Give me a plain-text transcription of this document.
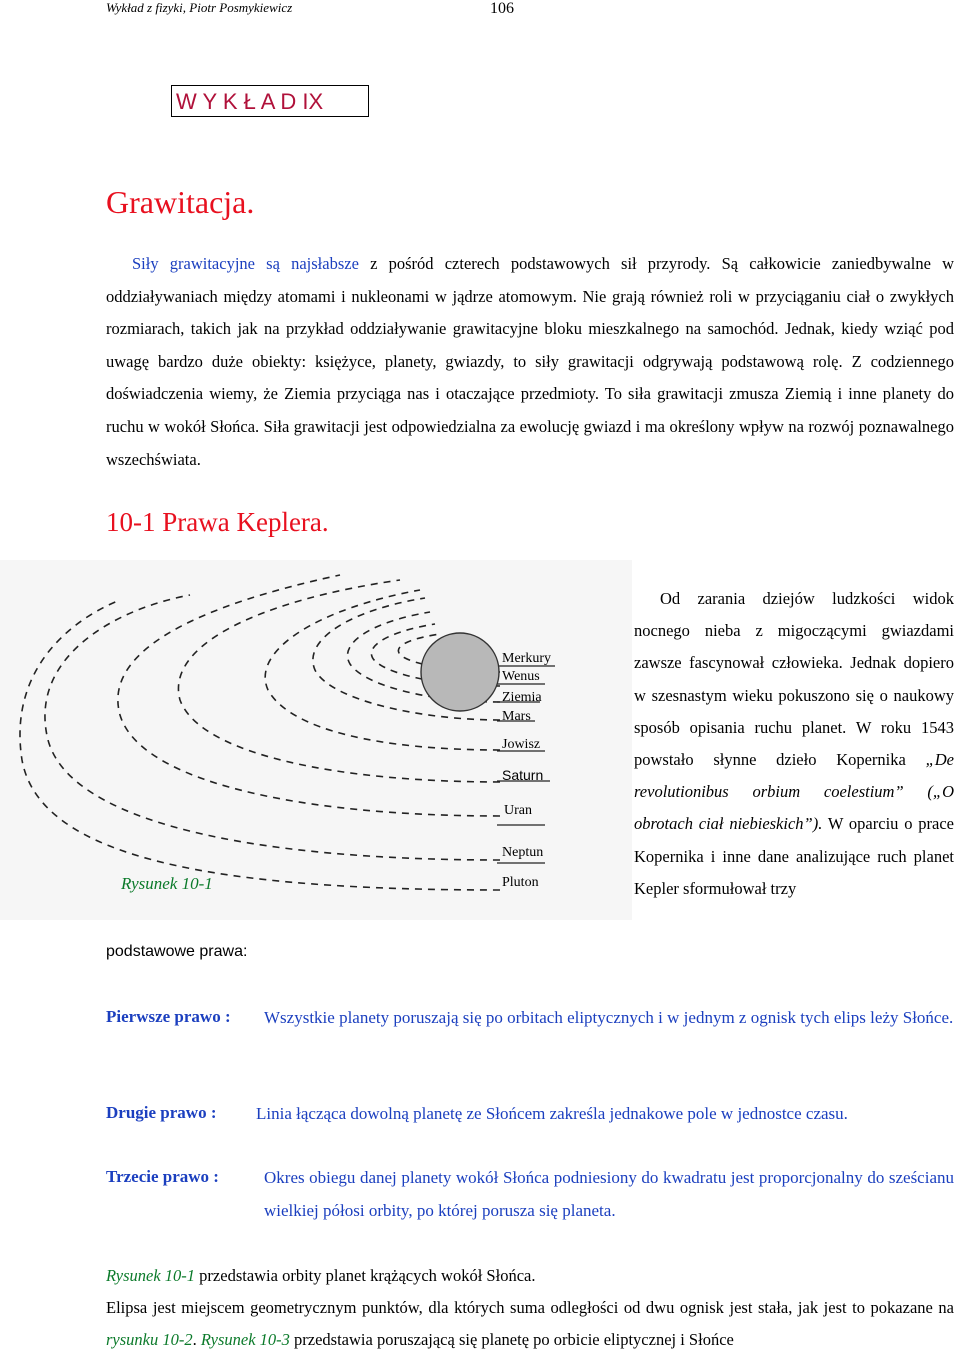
Wykład z fizyki, Piotr Posmykiewicz	106
W Y K Ł A D IX
Grawitacja.
Siły grawitacyjne są najsłabsze z pośród czterech podstawowych sił przyrody. Są całkowicie zaniedbywalne w oddziaływaniach między atomami i nukleonami w jądrze atomowym. Nie grają również roli w przyciąganiu ciał o zwykłych rozmiarach, takich jak na przykład oddziaływanie grawitacyjne bloku mieszkalnego na samochód. Jednak, kiedy wziąć pod uwagę bardzo duże obiekty: księżyce, planety, gwiazdy, to siły grawitacji odgrywają podstawową rolę. Z codziennego doświadczenia wiemy, że Ziemia przyciąga nas i otaczające przedmioty. To siła grawitacji zmusza Ziemią i inne planety do ruchu w wokół Słońca. Siła grawitacji jest odpowiedzialna za ewolucję gwiazd i ma określony wpływ na rozwój poznawalnego wszechświata.
10-1 Prawa Keplera.
Merkury
Wenus
Ziemia
Mars
Jowisz
Saturn
Uran
Neptun
Pluton
Rysunek 10-1
Od zarania dziejów ludzkości widok nocnego nieba z migoczącymi gwiazdami zawsze fascynował człowieka. Jednak dopiero w szesnastym wieku pokuszono się o naukowy sposób opisania ruchu planet. W roku 1543 powstało słynne dzieło Kopernika „De revolutionibus orbium coelestium” („O obrotach ciał niebieskich”). W oparciu o prace Kopernika i inne dane analizujące ruch planet Kepler sformułował trzy
podstawowe prawa:
Pierwsze prawo : Wszystkie planety poruszają się po orbitach eliptycznych i w jednym z ognisk tych elips leży Słońce.
Drugie prawo : Linia łącząca dowolną planetę ze Słońcem zakreśla jednakowe pole w jednostce czasu.
Trzecie prawo :	Okres obiegu danej planety wokół Słońca podniesiony do kwadratu jest proporcjonalny do sześcianu wielkiej półosi orbity, po której porusza się planeta.
Rysunek 10-1 przedstawia orbity planet krążących wokół Słońca.
Elipsa jest miejscem geometrycznym punktów, dla których suma odległości od dwu ognisk jest stała, jak jest to pokazane na rysunku 10-2. Rysunek 10-3 przedstawia poruszającą się planetę po orbicie eliptycznej i Słońce
